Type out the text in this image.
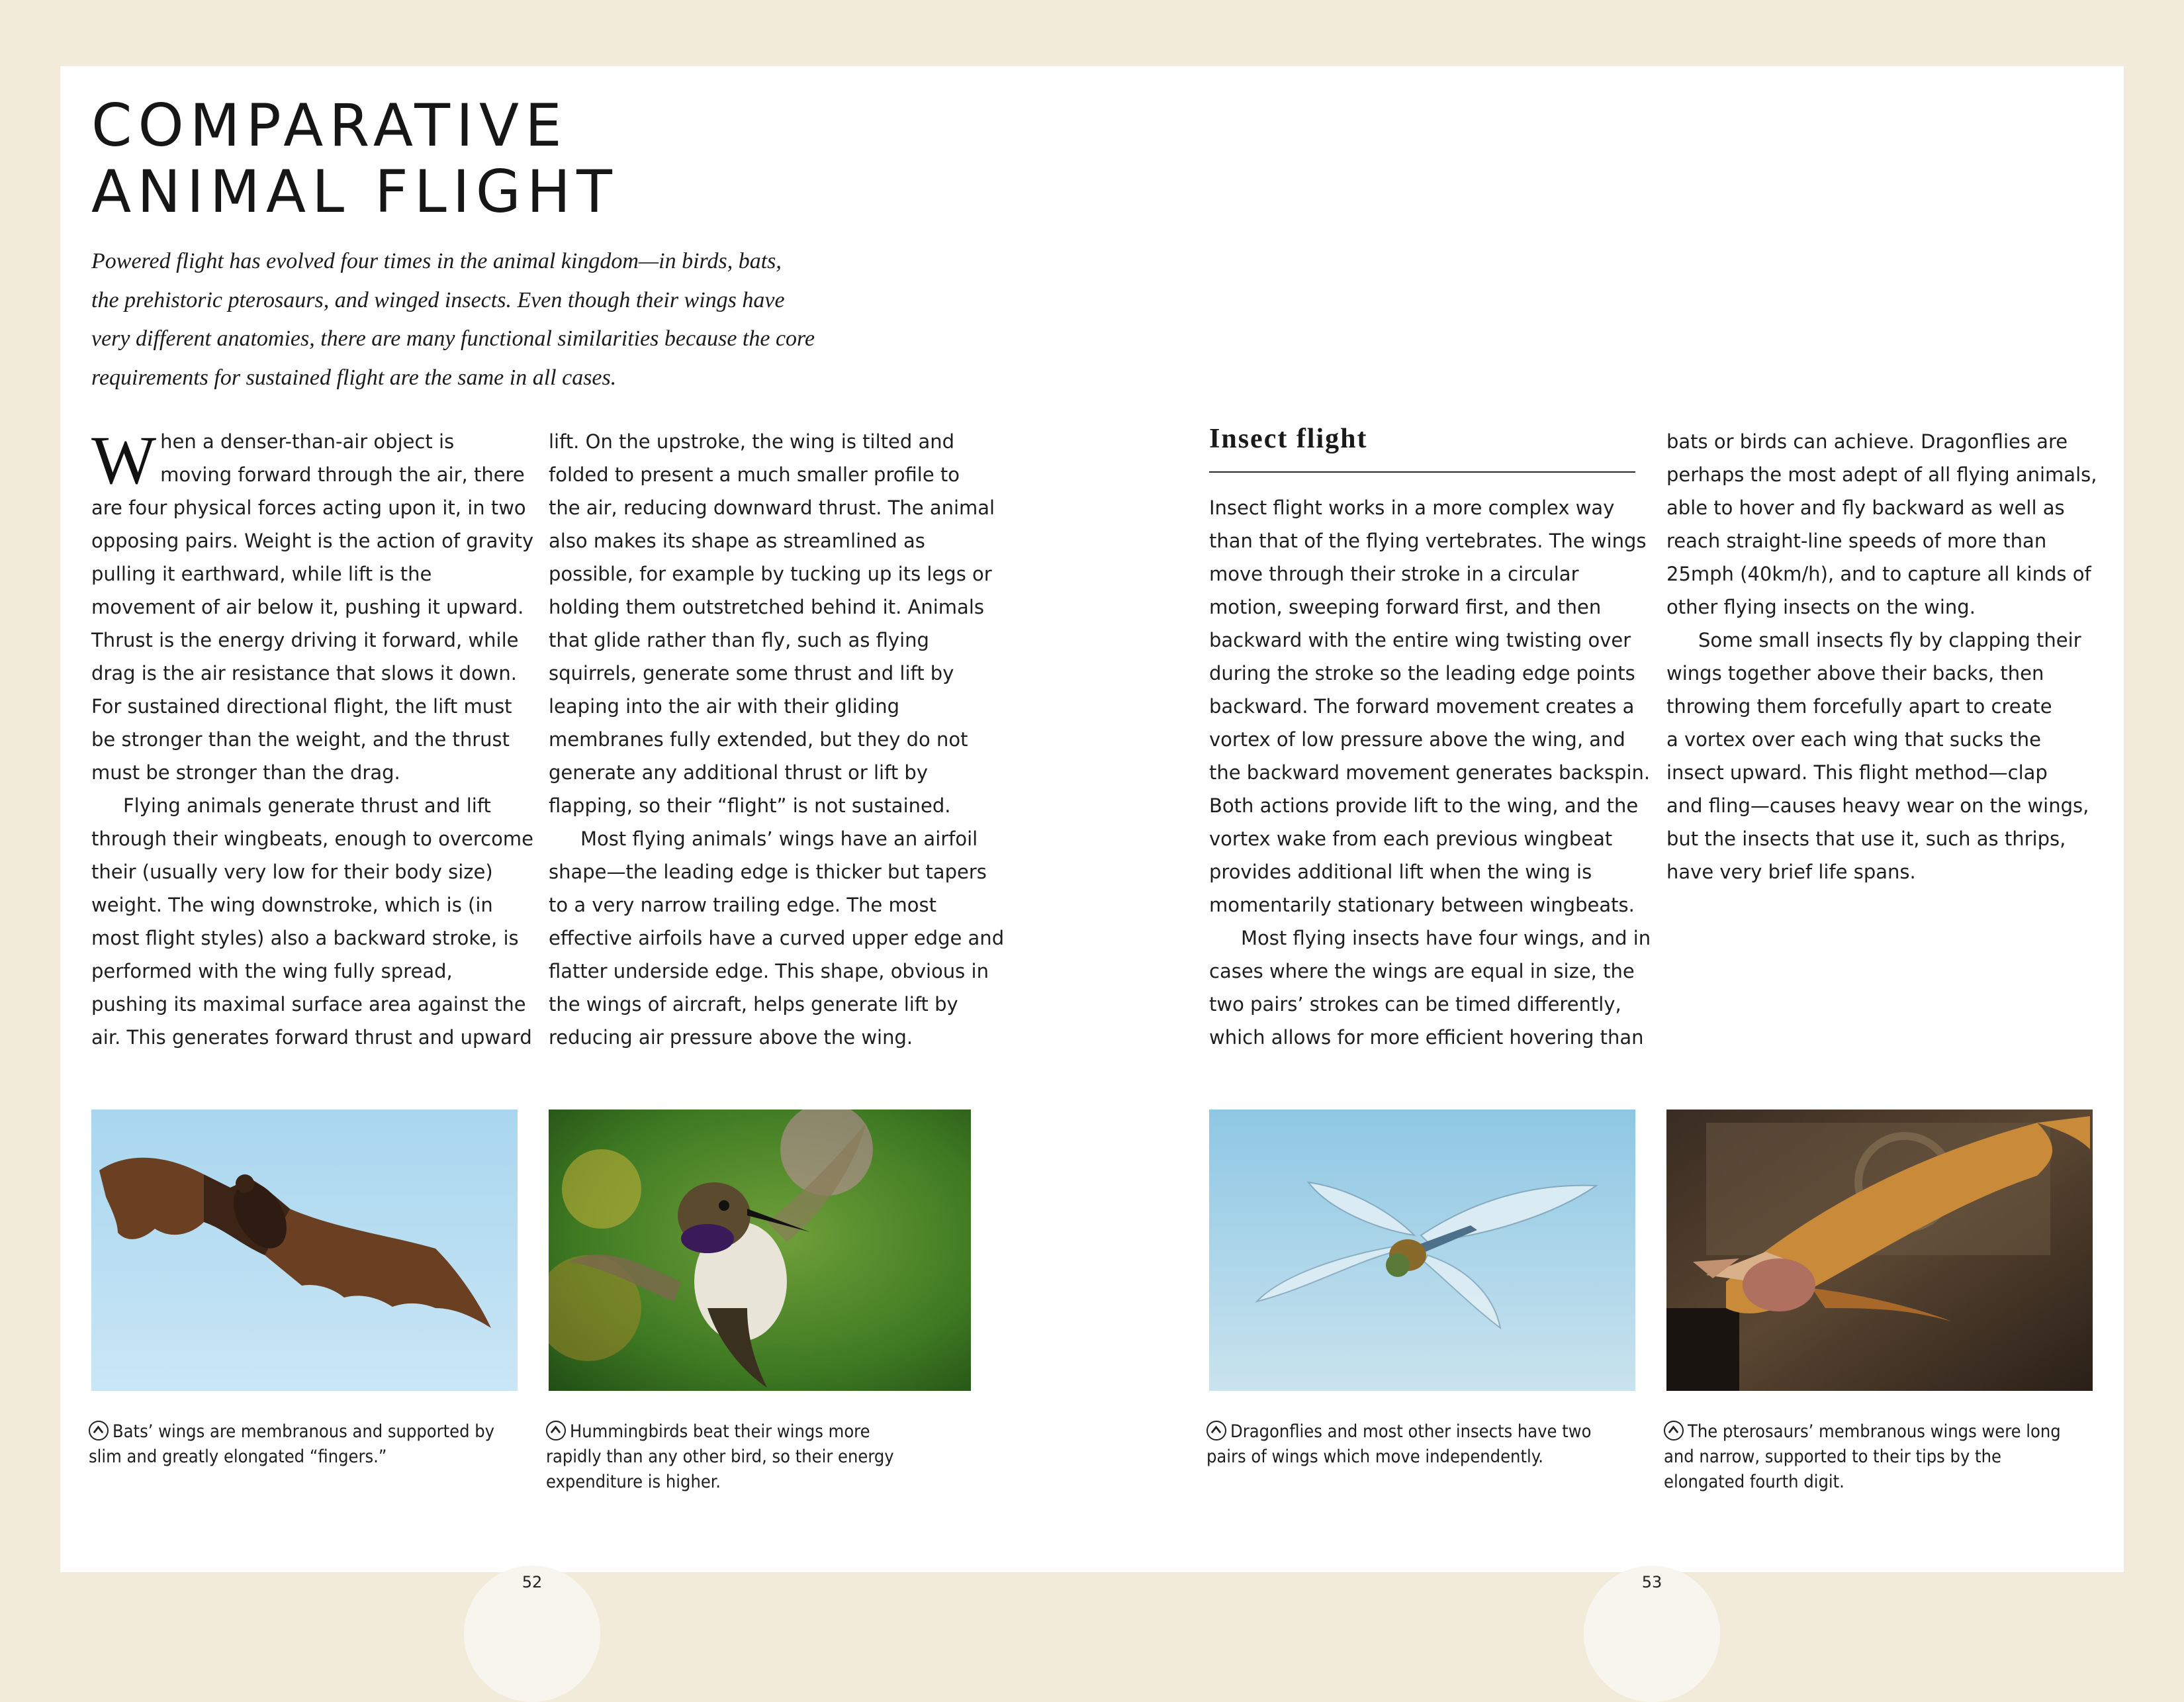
COMPARATIVE
ANIMAL FLIGHT

Powered flight has evolved four times in the animal kingdom—in birds, bats,
the prehistoric pterosaurs, and winged insects. Even though their wings have
very different anatomies, there are many functional similarities because the core
requirements for sustained flight are the same in all cases.

W hen a denser-than-air object is
moving forward through the air, there
are four physical forces acting upon it, in two
opposing pairs. Weight is the action of gravity
pulling it earthward, while lift is the
movement of air below it, pushing it upward.
Thrust is the energy driving it forward, while
drag is the air resistance that slows it down.
For sustained directional flight, the lift must
be stronger than the weight, and the thrust
must be stronger than the drag.
Flying animals generate thrust and lift
through their wingbeats, enough to overcome
their (usually very low for their body size)
weight. The wing downstroke, which is (in
most flight styles) also a backward stroke, is
performed with the wing fully spread,
pushing its maximal surface area against the
air. This generates forward thrust and upward
lift. On the upstroke, the wing is tilted and
folded to present a much smaller profile to
the air, reducing downward thrust. The animal
also makes its shape as streamlined as
possible, for example by tucking up its legs or
holding them outstretched behind it. Animals
that glide rather than fly, such as flying
squirrels, generate some thrust and lift by
leaping into the air with their gliding
membranes fully extended, but they do not
generate any additional thrust or lift by
flapping, so their “flight” is not sustained.
Most flying animals’ wings have an airfoil
shape—the leading edge is thicker but tapers
to a very narrow trailing edge. The most
effective airfoils have a curved upper edge and
flatter underside edge. This shape, obvious in
the wings of aircraft, helps generate lift by
reducing air pressure above the wing.
Insect flight
Insect flight works in a more complex way
than that of the flying vertebrates. The wings
move through their stroke in a circular
motion, sweeping forward first, and then
backward with the entire wing twisting over
during the stroke so the leading edge points
backward. The forward movement creates a
vortex of low pressure above the wing, and
the backward movement generates backspin.
Both actions provide lift to the wing, and the
vortex wake from each previous wingbeat
provides additional lift when the wing is
momentarily stationary between wingbeats.
Most flying insects have four wings, and in
cases where the wings are equal in size, the
two pairs’ strokes can be timed differently,
which allows for more efficient hovering than
bats or birds can achieve. Dragonflies are
perhaps the most adept of all flying animals,
able to hover and fly backward as well as
reach straight-line speeds of more than
25mph (40km/h), and to capture all kinds of
other flying insects on the wing.
Some small insects fly by clapping their
wings together above their backs, then
throwing them forcefully apart to create
a vortex over each wing that sucks the
insect upward. This flight method—clap
and fling—causes heavy wear on the wings,
but the insects that use it, such as thrips,
have very brief life spans.
Bats’ wings are membranous and supported by
slim and greatly elongated “fingers.”
Hummingbirds beat their wings more
rapidly than any other bird, so their energy
expenditure is higher.
Dragonflies and most other insects have two
pairs of wings which move independently.
The pterosaurs’ membranous wings were long
and narrow, supported to their tips by the
elongated fourth digit.
52	53
